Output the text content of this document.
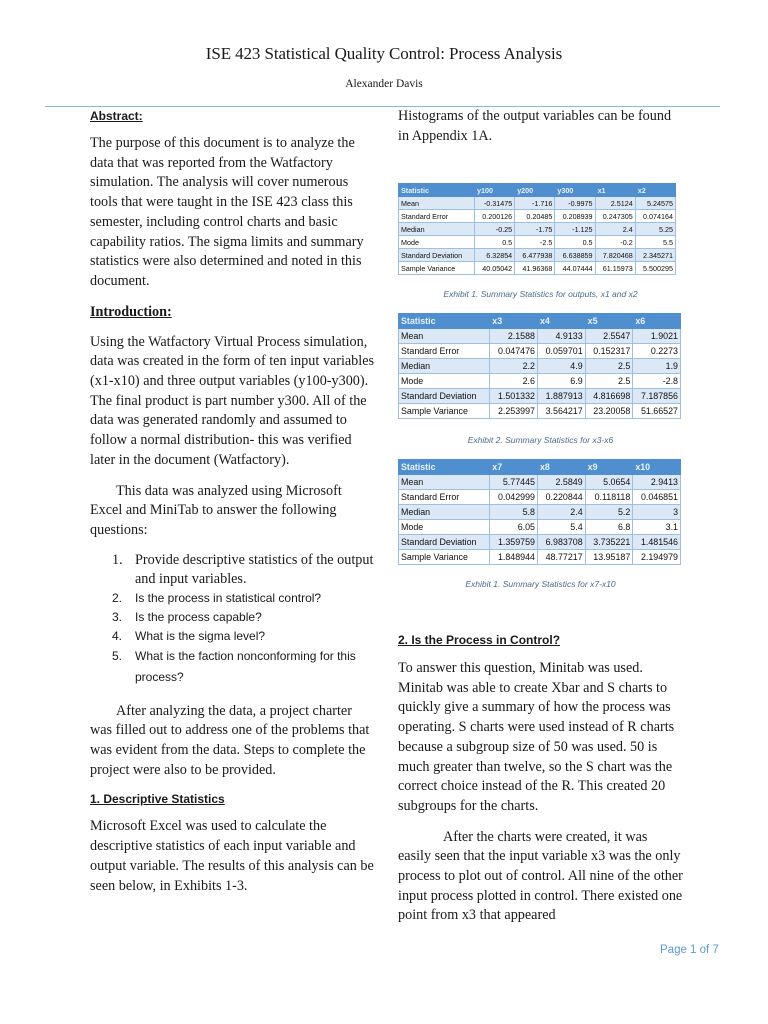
ISE 423 Statistical Quality Control: Process Analysis
Alexander Davis

Abstract:

The purpose of this document is to analyze the data that was reported from the Watfactory simulation. The analysis will cover numerous tools that were taught in the ISE 423 class this semester, including control charts and basic capability ratios. The sigma limits and summary statistics were also determined and noted in this document.

Introduction:

Using the Watfactory Virtual Process simulation, data was created in the form of ten input variables (x1-x10) and three output variables (y100-y300). The final product is part number y300. All of the data was generated randomly and assumed to follow a normal distribution- this was verified later in the document (Watfactory).

This data was analyzed using Microsoft Excel and MiniTab to answer the following questions:

1. Provide descriptive statistics of the output and input variables.
2. Is the process in statistical control?
3. Is the process capable?
4. What is the sigma level?
5. What is the faction nonconforming for this process?

After analyzing the data, a project charter was filled out to address one of the problems that was evident from the data. Steps to complete the project were also to be provided.

1. Descriptive Statistics

Microsoft Excel was used to calculate the descriptive statistics of each input variable and output variable. The results of this analysis can be seen below, in Exhibits 1-3.

Histograms of the output variables can be found in Appendix 1A.

Statistic	y100	y200	y300	x1	x2
Mean	-0.31475	-1.716	-0.9975	2.5124	5.24575
Standard Error	0.200126	0.20485	0.208939	0.247305	0.074164
Median	-0.25	-1.75	-1.125	2.4	5.25
Mode	0.5	-2.5	0.5	-0.2	5.5
Standard Deviation	6.32854	6.477938	6.638859	7.820468	2.345271
Sample Variance	40.05042	41.96368	44.07444	61.15973	5.500295
Exhibit 1. Summary Statistics for outputs, x1 and x2
Statistic	x3	x4	x5	x6
Mean	2.1588	4.9133	2.5547	1.9021
Standard Error	0.047476	0.059701	0.152317	0.2273
Median	2.2	4.9	2.5	1.9
Mode	2.6	6.9	2.5	-2.8
Standard Deviation	1.501332	1.887913	4.816698	7.187856
Sample Variance	2.253997	3.564217	23.20058	51.66527
Exhibit 2. Summary Statistics for x3-x6
Statistic	x7	x8	x9	x10
Mean	5.77445	2.5849	5.0654	2.9413
Standard Error	0.042999	0.220844	0.118118	0.046851
Median	5.8	2.4	5.2	3
Mode	6.05	5.4	6.8	3.1
Standard Deviation	1.359759	6.983708	3.735221	1.481546
Sample Variance	1.848944	48.77217	13.95187	2.194979
Exhibit 1. Summary Statistics for x7-x10

2. Is the Process in Control?

To answer this question, Minitab was used. Minitab was able to create Xbar and S charts to quickly give a summary of how the process was operating. S charts were used instead of R charts because a subgroup size of 50 was used. 50 is much greater than twelve, so the S chart was the correct choice instead of the R. This created 20 subgroups for the charts.

After the charts were created, it was easily seen that the input variable x3 was the only process to plot out of control. All nine of the other input process plotted in control. There existed one point from x3 that appeared

Page 1 of 7
